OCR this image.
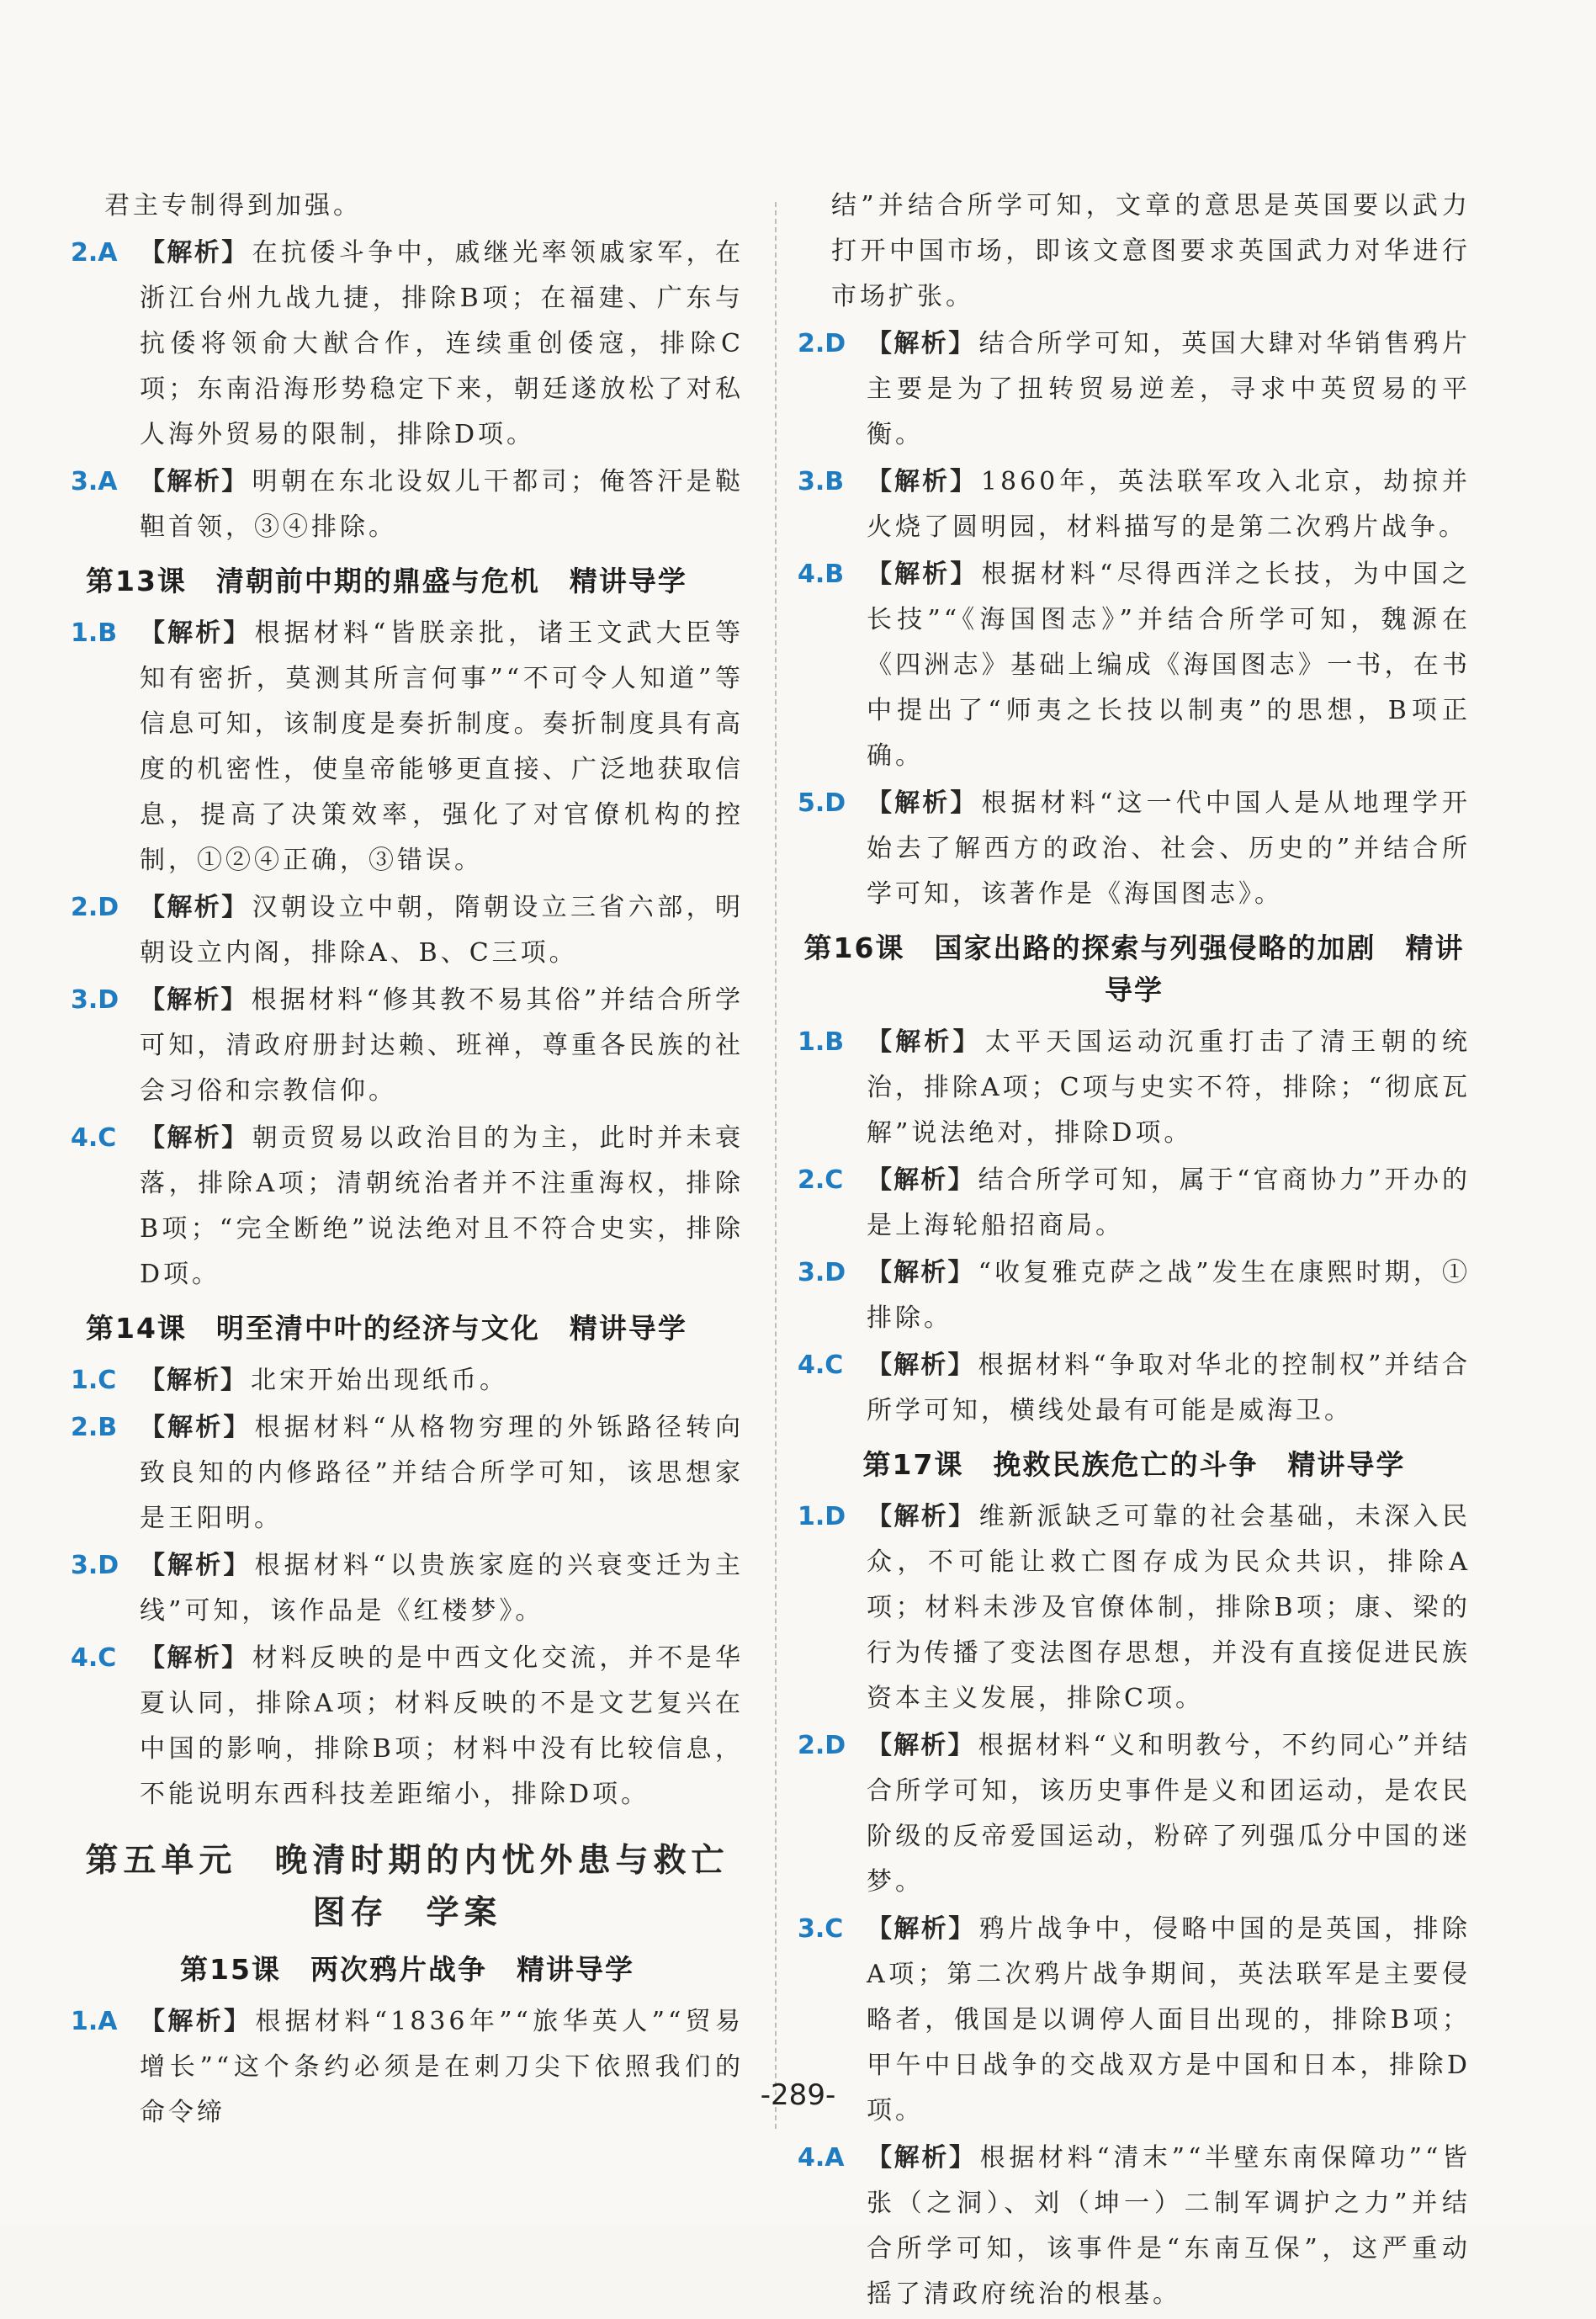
君主专制得到加强。

2.A 【解析】 在抗倭斗争中，戚继光率领戚家军，在浙江台州九战九捷，排除B项；在福建、广东与抗倭将领俞大猷合作，连续重创倭寇，排除C项；东南沿海形势稳定下来，朝廷遂放松了对私人海外贸易的限制，排除D项。

3.A 【解析】 明朝在东北设奴儿干都司；俺答汗是鞑靼首领，③④排除。

第13课　清朝前中期的鼎盛与危机　精讲导学
1.B 【解析】 根据材料“皆朕亲批，诸王文武大臣等知有密折，莫测其所言何事”“不可令人知道”等信息可知，该制度是奏折制度。奏折制度具有高度的机密性，使皇帝能够更直接、广泛地获取信息，提高了决策效率，强化了对官僚机构的控制，①②④正确，③错误。

2.D 【解析】 汉朝设立中朝，隋朝设立三省六部，明朝设立内阁，排除A、B、C三项。

3.D 【解析】 根据材料“修其教不易其俗”并结合所学可知，清政府册封达赖、班禅，尊重各民族的社会习俗和宗教信仰。

4.C 【解析】 朝贡贸易以政治目的为主，此时并未衰落，排除A项；清朝统治者并不注重海权，排除B项；“完全断绝”说法绝对且不符合史实，排除D项。

第14课　明至清中叶的经济与文化　精讲导学
1.C 【解析】 北宋开始出现纸币。

2.B 【解析】 根据材料“从格物穷理的外铄路径转向致良知的内修路径”并结合所学可知，该思想家是王阳明。

3.D 【解析】 根据材料“以贵族家庭的兴衰变迁为主线”可知，该作品是《红楼梦》。

4.C 【解析】 材料反映的是中西文化交流，并不是华夏认同，排除A项；材料反映的不是文艺复兴在中国的影响，排除B项；材料中没有比较信息，不能说明东西科技差距缩小，排除D项。

第五单元　晚清时期的内忧外患与救亡图存　学案
第15课　两次鸦片战争　精讲导学
1.A 【解析】 根据材料“1836年”“旅华英人”“贸易增长”“这个条约必须是在刺刀尖下依照我们的命令缔

结”并结合所学可知，文章的意思是英国要以武力打开中国市场，即该文意图要求英国武力对华进行市场扩张。

2.D 【解析】 结合所学可知，英国大肆对华销售鸦片主要是为了扭转贸易逆差，寻求中英贸易的平衡。

3.B 【解析】 1860年，英法联军攻入北京，劫掠并火烧了圆明园，材料描写的是第二次鸦片战争。

4.B 【解析】 根据材料“尽得西洋之长技，为中国之长技”“《海国图志》”并结合所学可知，魏源在《四洲志》基础上编成《海国图志》一书，在书中提出了“师夷之长技以制夷”的思想，B项正确。

5.D 【解析】 根据材料“这一代中国人是从地理学开始去了解西方的政治、社会、历史的”并结合所学可知，该著作是《海国图志》。

第16课　国家出路的探索与列强侵略的加剧　精讲导学
1.B 【解析】 太平天国运动沉重打击了清王朝的统治，排除A项；C项与史实不符，排除；“彻底瓦解”说法绝对，排除D项。

2.C 【解析】 结合所学可知，属于“官商协力”开办的是上海轮船招商局。

3.D 【解析】 “收复雅克萨之战”发生在康熙时期，①排除。

4.C 【解析】 根据材料“争取对华北的控制权”并结合所学可知，横线处最有可能是威海卫。

第17课　挽救民族危亡的斗争　精讲导学
1.D 【解析】 维新派缺乏可靠的社会基础，未深入民众，不可能让救亡图存成为民众共识，排除A项；材料未涉及官僚体制，排除B项；康、梁的行为传播了变法图存思想，并没有直接促进民族资本主义发展，排除C项。

2.D 【解析】 根据材料“义和明教兮，不约同心”并结合所学可知，该历史事件是义和团运动，是农民阶级的反帝爱国运动，粉碎了列强瓜分中国的迷梦。

3.C 【解析】 鸦片战争中，侵略中国的是英国，排除A项；第二次鸦片战争期间，英法联军是主要侵略者，俄国是以调停人面目出现的，排除B项；甲午中日战争的交战双方是中国和日本，排除D项。

4.A 【解析】 根据材料“清末”“半壁东南保障功”“皆张（之洞）、刘（坤一）二制军调护之力”并结合所学可知，该事件是“东南互保”，这严重动摇了清政府统治的根基。

-289-
